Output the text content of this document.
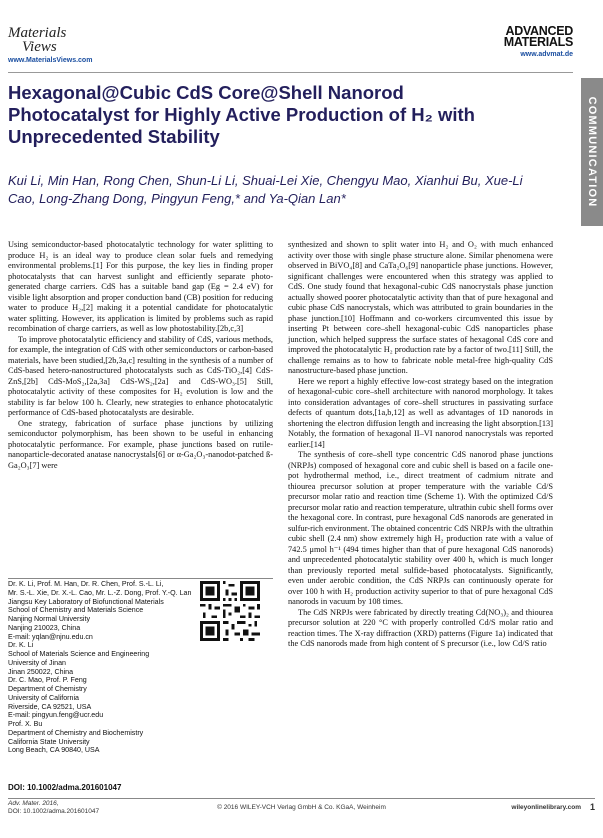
Materials
Views
www.MaterialsViews.com
ADVANCED
MATERIALS
www.advmat.de
COMMUNICATION
Hexagonal@Cubic CdS Core@Shell Nanorod Photocatalyst for Highly Active Production of H₂ with Unprecedented Stability
Kui Li, Min Han, Rong Chen, Shun-Li Li, Shuai-Lei Xie, Chengyu Mao, Xianhui Bu, Xue-Li Cao, Long-Zhang Dong, Pingyun Feng,* and Ya-Qian Lan*

Using semiconductor-based photocatalytic technology for water splitting to produce H₂ is an ideal way to produce clean solar fuels and remedying environmental problems.[1] For this purpose, the key lies in finding proper photocatalysts that can harvest sunlight and efficiently separate photo-generated charge carriers. CdS has a suitable band gap (Eg = 2.4 eV) for visible light absorption and proper conduction band (CB) position for reducing water to produce H₂,[2] making it a potential candidate for photocatalytic water splitting. However, its application is limited by problems such as rapid recombination of charge carriers, as well as low photostability.[2b,c,3]

To improve photocatalytic efficiency and stability of CdS, various methods, for example, the integration of CdS with other semiconductors or carbon-based materials, have been studied,[2b,3a,c] resulting in the synthesis of a number of CdS-based hetero-nanostructured photocatalysts such as CdS-TiO₂,[4] CdS-ZnS,[2b] CdS-MoS₂,[2a,3a] CdS-WS₂,[2a] and CdS-WO₃.[5] Still, photocatalytic activity of these composites for H₂ evolution is low and the stability is far below 100 h. Clearly, new strategies to enhance photocatalytic performance of CdS-based photocatalysts are desirable.

One strategy, fabrication of surface phase junctions by utilizing semiconductor polymorphism, has been shown to be useful in enhancing photocatalytic performance. For example, phase junctions based on rutile-nanoparticle-decorated anatase nanocrystals[6] or α-Ga₂O₃-nanodot-patched ß-Ga₂O₃[7] were

synthesized and shown to split water into H₂ and O₂ with much enhanced activity over those with single phase structure alone. Similar phenomena were observed in BiVO₄[8] and CaTa₂O₆[9] nanoparticle phase junctions. However, significant challenges were encountered when this strategy was applied to CdS. One study found that hexagonal-cubic CdS nanocrystals phase junction actually showed poorer photocatalytic activity than that of pure hexagonal and cubic phase CdS nanocrystals, which was attributed to grain boundaries in the phase junction.[10] Hoffmann and co-workers circumvented this issue by inserting Pt between core–shell hexagonal-cubic CdS nanoparticles phase junction, which helped suppress the surface states of hexagonal CdS core and improved the photocatalytic H₂ production rate by a factor of two.[11] Still, the challenge remains as to how to fabricate noble metal-free high-quality CdS nanostructure-based phase junction.

Here we report a highly effective low-cost strategy based on the integration of hexagonal-cubic core–shell architecture with nanorod morphology. It takes into consideration advantages of core–shell structures in passivating surface defects of quantum dots,[1a,b,12] as well as advantages of 1D nanorods in shortening the electron diffusion length and increasing the light absorption.[13] Notably, the formation of hexagonal II–VI nanorod nanocrystals was reported earlier.[14]

The synthesis of core–shell type concentric CdS nanorod phase junctions (NRPJs) composed of hexagonal core and cubic shell is based on a facile one-pot hydrothermal method, i.e., direct treatment of cadmium nitrate and thiourea precursor solution at proper temperature with the variable Cd/S precursor molar ratio and reaction time (Scheme 1). With the optimized Cd/S precursor molar ratio and reaction temperature, ultrathin cubic shell forms over the hexagonal core. In contrast, pure hexagonal CdS nanorods are generated in sulfur-rich environment. The obtained concentric CdS NRPJs with the ultrathin cubic shell (2.4 nm) show extremely high H₂ production rate with a value of 742.5 μmol h⁻¹ (494 times higher than that of pure hexagonal CdS nanorods) and unprecedented photocatalytic stability over 400 h, which is much longer than previously reported metal sulfide-based photocatalysts. Significantly, even under aerobic condition, the CdS NRPJs can continuously operate for over 100 h with H₂ production activity superior to that of pure hexagonal CdS nanorods in vacuum by 108 times.

The CdS NRPJs were fabricated by directly treating Cd(NO₃)₂ and thiourea precursor solution at 220 °C with properly controlled Cd/S molar ratio and reaction times. The X-ray diffraction (XRD) patterns (Figure 1a) indicated that the CdS nanorods made from high content of S precursor (i.e., low Cd/S ratio

Dr. K. Li, Prof. M. Han, Dr. R. Chen, Prof. S.-L. Li,
Mr. S.-L. Xie, Dr. X.-L. Cao, Mr. L.-Z. Dong, Prof. Y.-Q. Lan
Jiangsu Key Laboratory of Biofunctional Materials
School of Chemistry and Materials Science
Nanjing Normal University
Nanjing 210023, China
E-mail: yqlan@njnu.edu.cn
Dr. K. Li
School of Materials Science and Engineering
University of Jinan
Jinan 250022, China
Dr. C. Mao, Prof. P. Feng
Department of Chemistry
University of California
Riverside, CA 92521, USA
E-mail: pingyun.feng@ucr.edu
Prof. X. Bu
Department of Chemistry and Biochemistry
California State University
Long Beach, CA 90840, USA
DOI: 10.1002/adma.201601047
Adv. Mater. 2016,
DOI: 10.1002/adma.201601047
© 2016 WILEY-VCH Verlag GmbH & Co. KGaA, Weinheim	wileyonlinelibrary.com 1
